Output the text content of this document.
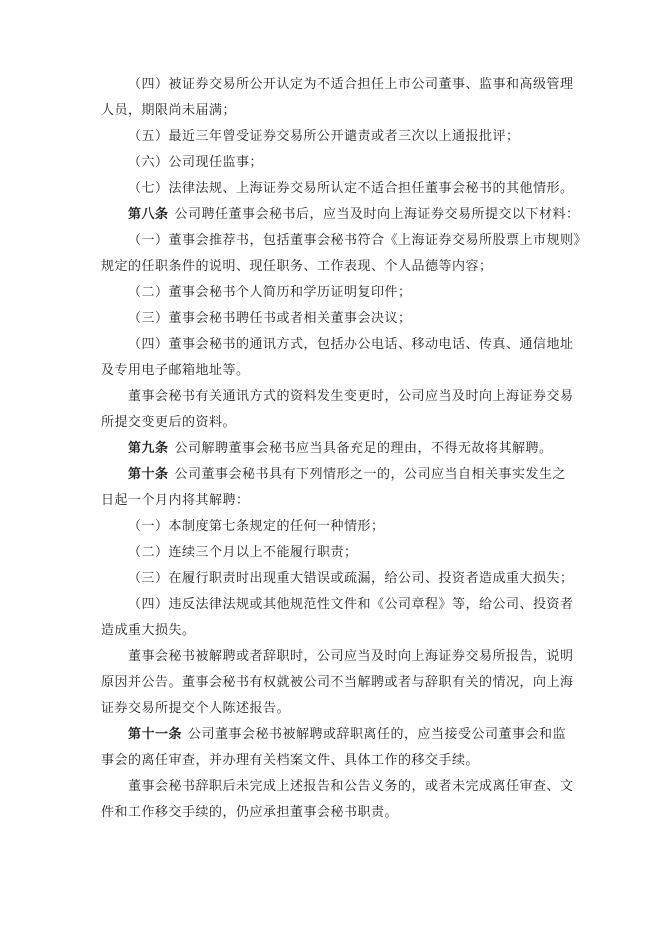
（四）被证券交易所公开认定为不适合担任上市公司董事、监事和高级管理
人员，期限尚未届满；
（五）最近三年曾受证券交易所公开谴责或者三次以上通报批评；
（六）公司现任监事；
（七）法律法规、上海证券交易所认定不适合担任董事会秘书的其他情形。
第八条 公司聘任董事会秘书后，应当及时向上海证券交易所提交以下材料：
（一）董事会推荐书，包括董事会秘书符合《上海证券交易所股票上市规则》
规定的任职条件的说明、现任职务、工作表现、个人品德等内容；
（二）董事会秘书个人简历和学历证明复印件；
（三）董事会秘书聘任书或者相关董事会决议；
（四）董事会秘书的通讯方式，包括办公电话、移动电话、传真、通信地址
及专用电子邮箱地址等。
董事会秘书有关通讯方式的资料发生变更时，公司应当及时向上海证券交易
所提交变更后的资料。
第九条 公司解聘董事会秘书应当具备充足的理由，不得无故将其解聘。
第十条 公司董事会秘书具有下列情形之一的，公司应当自相关事实发生之
日起一个月内将其解聘：
（一）本制度第七条规定的任何一种情形；
（二）连续三个月以上不能履行职责；
（三）在履行职责时出现重大错误或疏漏，给公司、投资者造成重大损失；
（四）违反法律法规或其他规范性文件和《公司章程》等，给公司、投资者
造成重大损失。
董事会秘书被解聘或者辞职时，公司应当及时向上海证券交易所报告，说明
原因并公告。董事会秘书有权就被公司不当解聘或者与辞职有关的情况，向上海
证券交易所提交个人陈述报告。
第十一条 公司董事会秘书被解聘或辞职离任的，应当接受公司董事会和监
事会的离任审查，并办理有关档案文件、具体工作的移交手续。
董事会秘书辞职后未完成上述报告和公告义务的，或者未完成离任审查、文
件和工作移交手续的，仍应承担董事会秘书职责。
